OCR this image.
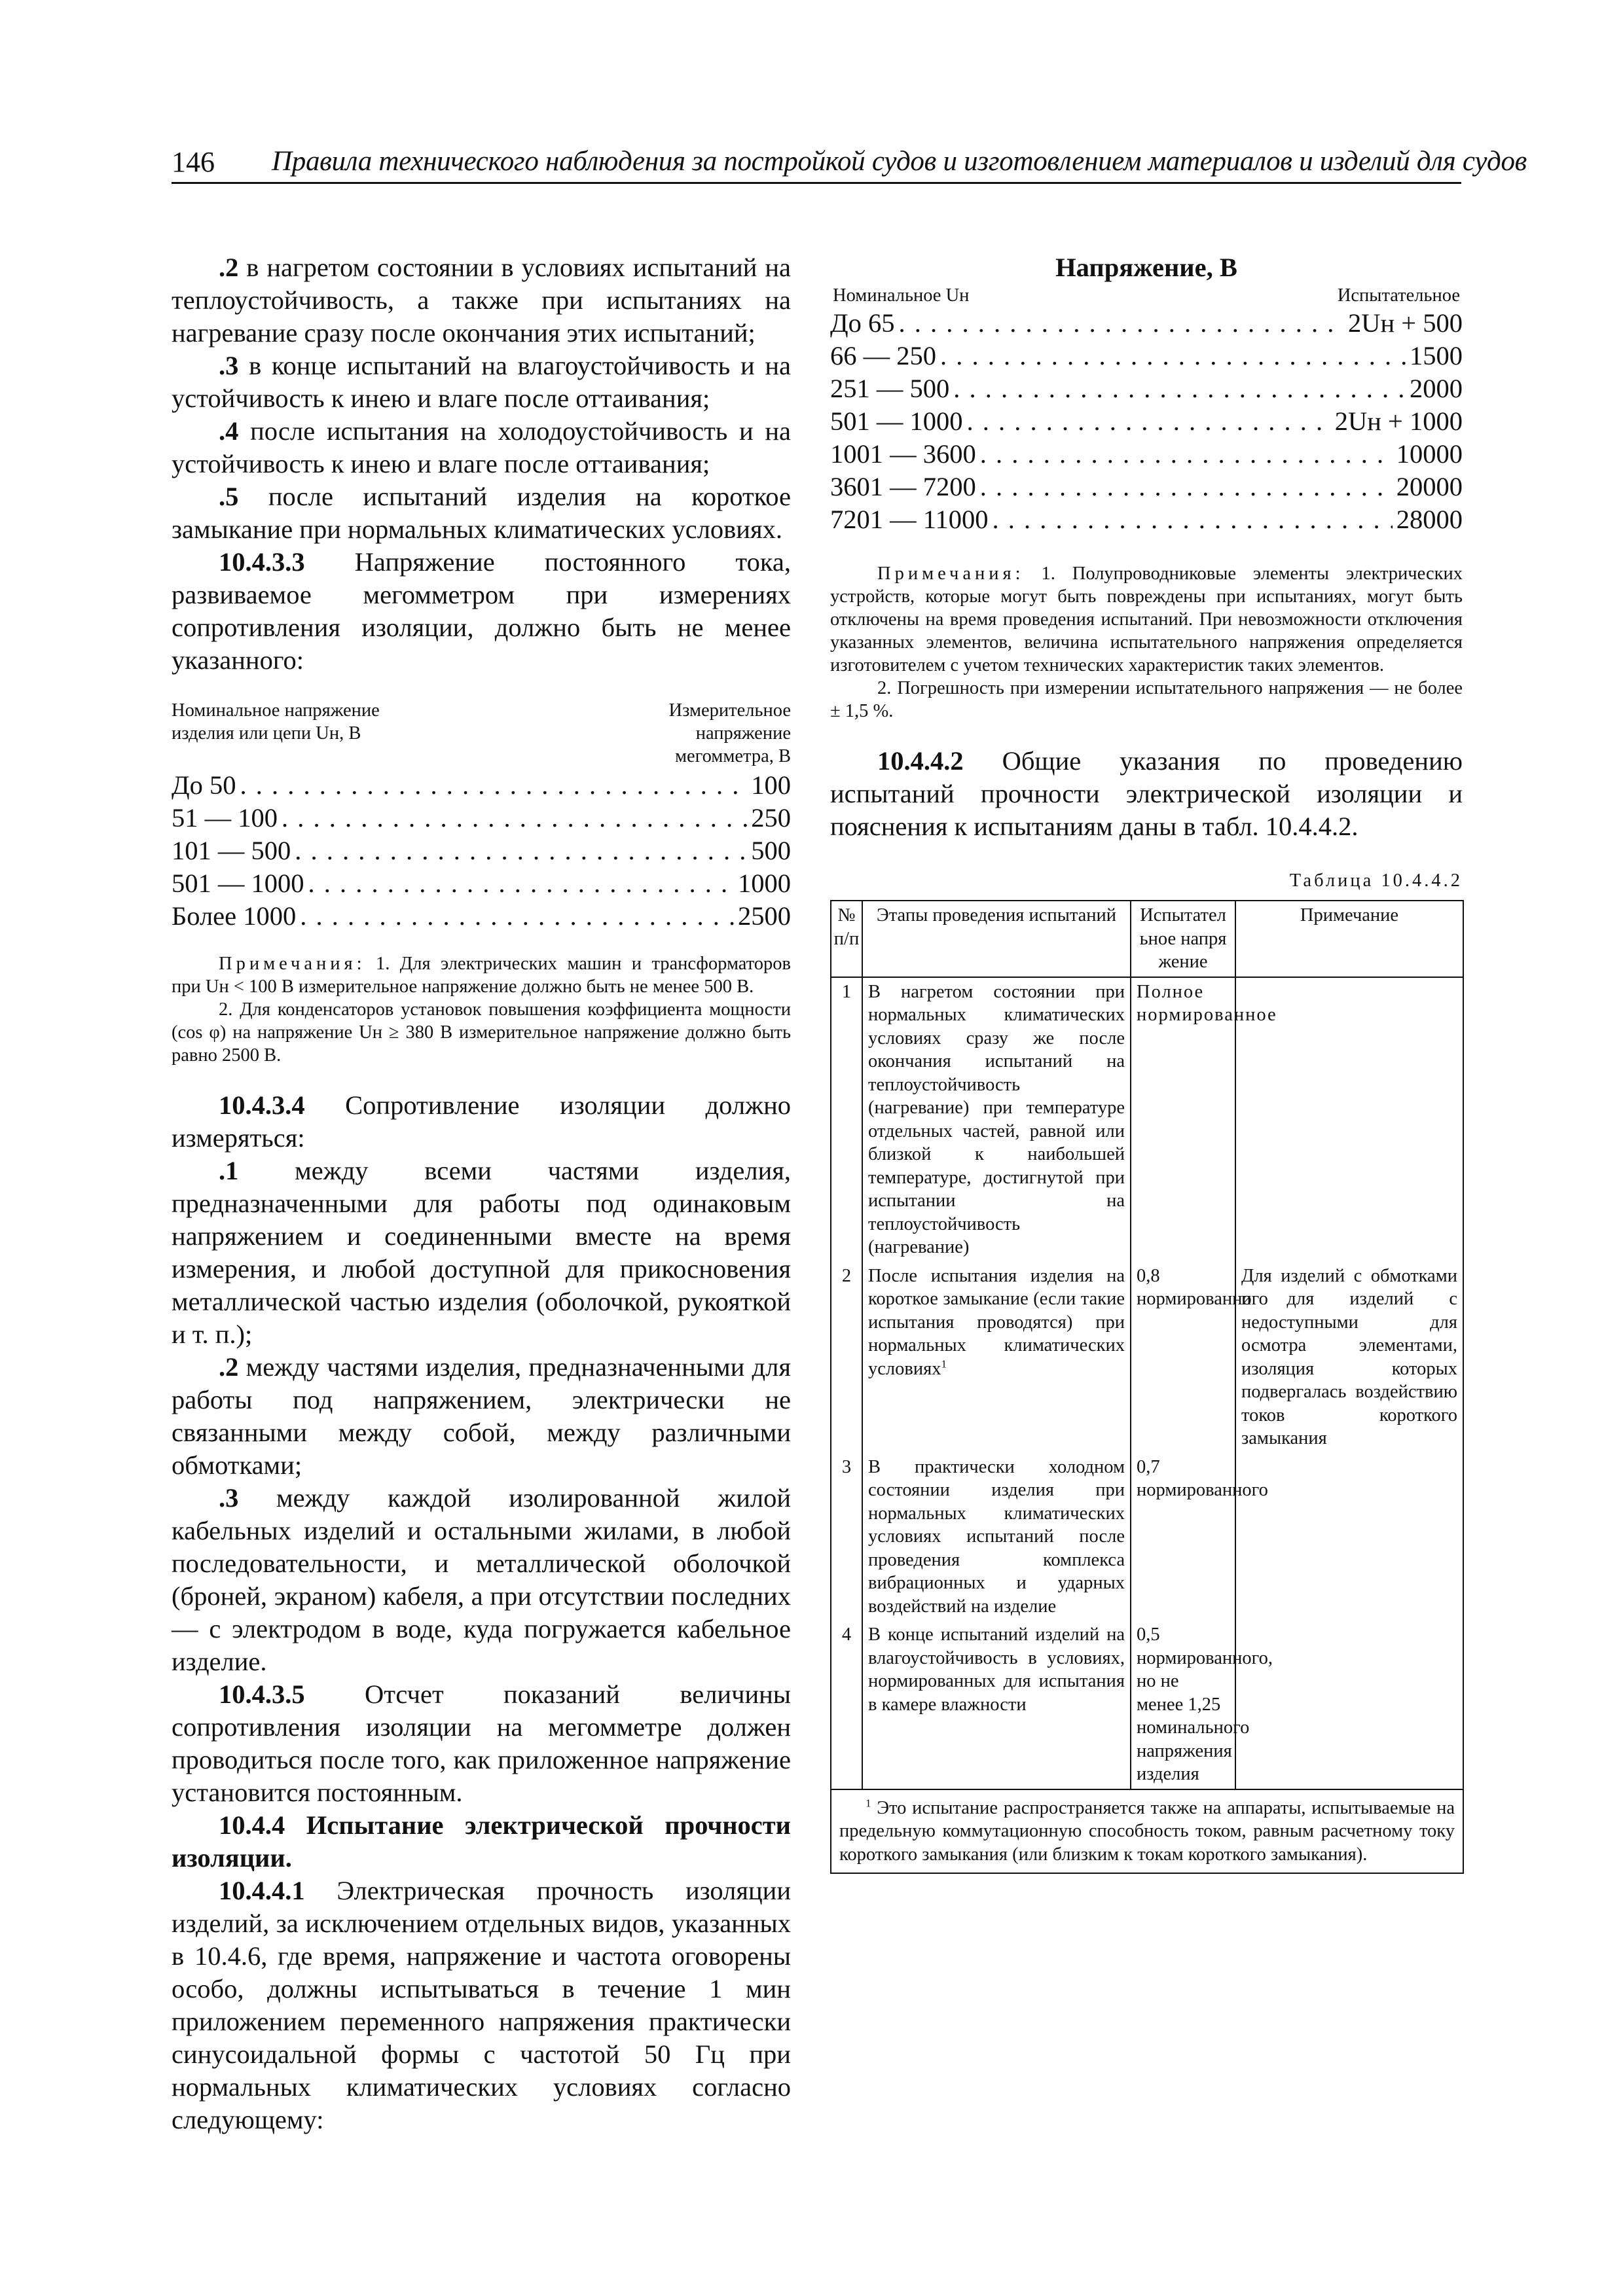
146 Правила технического наблюдения за постройкой судов и изготовлением материалов и изделий для судов

.2 в нагретом состоянии в условиях испытаний на теплоустойчивость, а также при испытаниях на нагревание сразу после окончания этих испытаний;

.3 в конце испытаний на влагоустойчивость и на устойчивость к инею и влаге после оттаивания;

.4 после испытания на холодоустойчивость и на устойчивость к инею и влаге после оттаивания;

.5 после испытаний изделия на короткое замыкание при нормальных климатических условиях.

10.4.3.3 Напряжение постоянного тока, развиваемое мегомметром при измерениях сопротивления изоляции, должно быть не менее указанного:

Номинальное напряжение
изделия или цепи Uн, В
Измерительное
напряжение
мегомметра, В
До 50 . . .	100
51 — 100 . . .	250
101 — 500 . . .	500
501 — 1000 . . .	1000
Более 1000 . . .	2500

Примечания: 1. Для электрических машин и трансформаторов при Uн < 100 В измерительное напряжение должно быть не менее 500 В.

2. Для конденсаторов установок повышения коэффициента мощности (cos φ) на напряжение Uн ≥ 380 В измерительное напряжение должно быть равно 2500 В.

10.4.3.4 Сопротивление изоляции должно измеряться:

.1 между всеми частями изделия, предназначенными для работы под одинаковым напряжением и соединенными вместе на время измерения, и любой доступной для прикосновения металлической частью изделия (оболочкой, рукояткой и т. п.);

.2 между частями изделия, предназначенными для работы под напряжением, электрически не связанными между собой, между различными обмотками;

.3 между каждой изолированной жилой кабельных изделий и остальными жилами, в любой последовательности, и металлической оболочкой (броней, экраном) кабеля, а при отсутствии последних — с электродом в воде, куда погружается кабельное изделие.

10.4.3.5 Отсчет показаний величины сопротивления изоляции на мегомметре должен проводиться после того, как приложенное напряжение установится постоянным.

10.4.4 Испытание электрической прочности изоляции.

10.4.4.1 Электрическая прочность изоляции изделий, за исключением отдельных видов, указанных в 10.4.6, где время, напряжение и частота оговорены особо, должны испытываться в течение 1 мин приложением переменного напряжения практически синусоидальной формы с частотой 50 Гц при нормальных климатических условиях согласно следующему:

Напряжение, В
Номинальное Uн	Испытательное
До 65 . . .	2Uн + 500
66 — 250 . . .	1500
251 — 500 . . .	2000
501 — 1000 . . .	2Uн + 1000
1001 — 3600 . . .	10000
3601 — 7200 . . .	20000
7201 — 11000 . . .	28000

Примечания: 1. Полупроводниковые элементы электрических устройств, которые могут быть повреждены при испытаниях, могут быть отключены на время проведения испытаний. При невозможности отключения указанных элементов, величина испытательного напряжения определяется изготовителем с учетом технических характеристик таких элементов.

2. Погрешность при измерении испытательного напряжения — не более ± 1,5 %.

10.4.4.2 Общие указания по проведению испытаний прочности электрической изоляции и пояснения к испытаниям даны в табл. 10.4.4.2.

Таблица 10.4.4.2
№ п/п	Этапы проведения испытаний	Испытательное напряжение	Примечание
1	В нагретом состоянии при нормальных климатических условиях сразу же после окончания испытаний на теплоустойчивость (нагревание) при температуре отдельных частей, равной или близкой к наибольшей температуре, достигнутой при испытании на теплоустойчивость (нагревание)	Полное нормированное	
2	После испытания изделия на короткое замыкание (если такие испытания проводятся) при нормальных климатических условиях$^1$	0,8 нормированного	Для изделий с обмотками и для изделий с недоступными для осмотра элементами, изоляция которых подвергалась воздействию токов короткого замыкания
3	В практически холодном состоянии изделия при нормальных климатических условиях испытаний после проведения комплекса вибрационных и ударных воздействий на изделие	0,7 нормированного	
4	В конце испытаний изделий на влагоустойчивость в условиях, нормированных для испытания в камере влажности	0,5 нормированного, но не менее 1,25 номинального напряжения изделия	
$^1$ Это испытание распространяется также на аппараты, испытываемые на предельную коммутационную способность током, равным расчетному току короткого замыкания (или близким к токам короткого замыкания).			
